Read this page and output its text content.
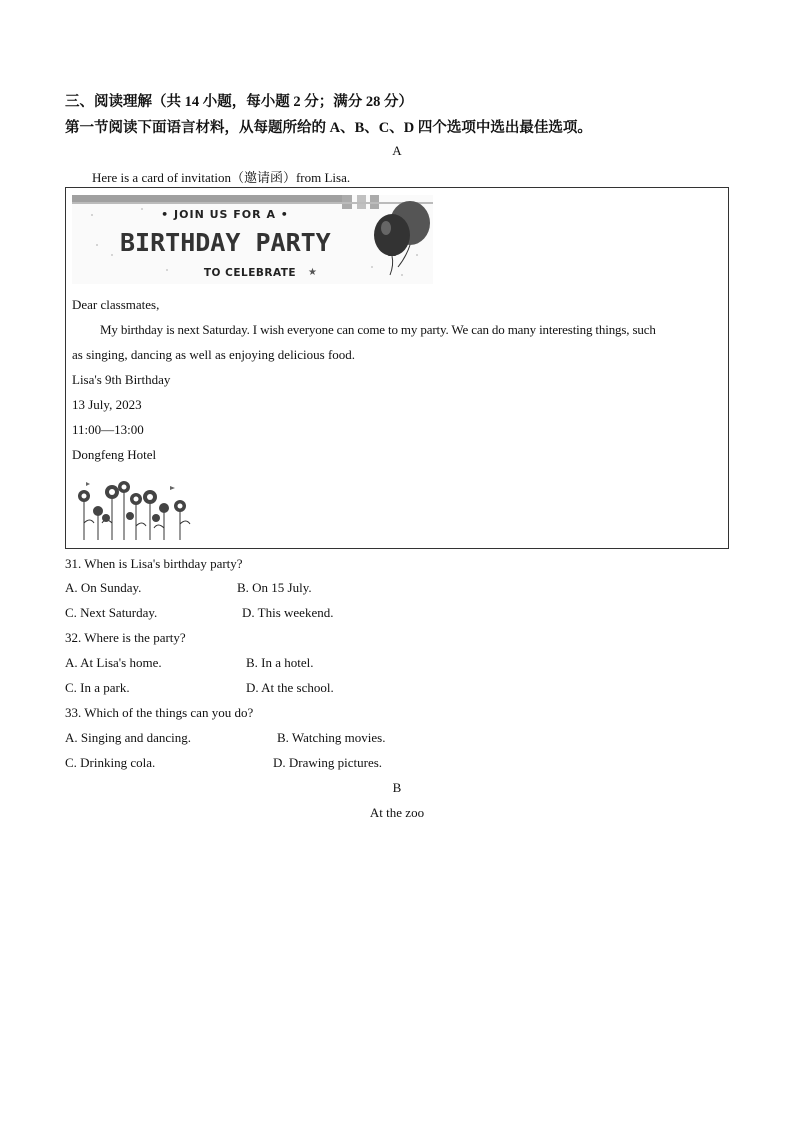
三、阅读理解（共 14 小题，每小题 2 分；满分 28 分）
第一节阅读下面语言材料，从每题所给的 A、B、C、D 四个选项中选出最佳选项。
A
Here is a card of invitation（邀请函）from Lisa.
★
• JOIN US FOR A •
BIRTHDAY PARTY
TO CELEBRATE
Dear classmates,
My birthday is next Saturday. I wish everyone can come to my party. We can do many interesting things, such
as singing, dancing as well as enjoying delicious food.
Lisa's 9th Birthday
13 July, 2023
11:00—13:00
Dongfeng Hotel
31. When is Lisa's birthday party?
A. On Sunday.	B. On 15 July.
C. Next Saturday.	D. This weekend.
32. Where is the party?
A. At Lisa's home.	B. In a hotel.
C. In a park.	D. At the school.
33. Which of the things can you do?
A. Singing and dancing.	B. Watching movies.
C. Drinking cola.	D. Drawing pictures.
B
At the zoo
